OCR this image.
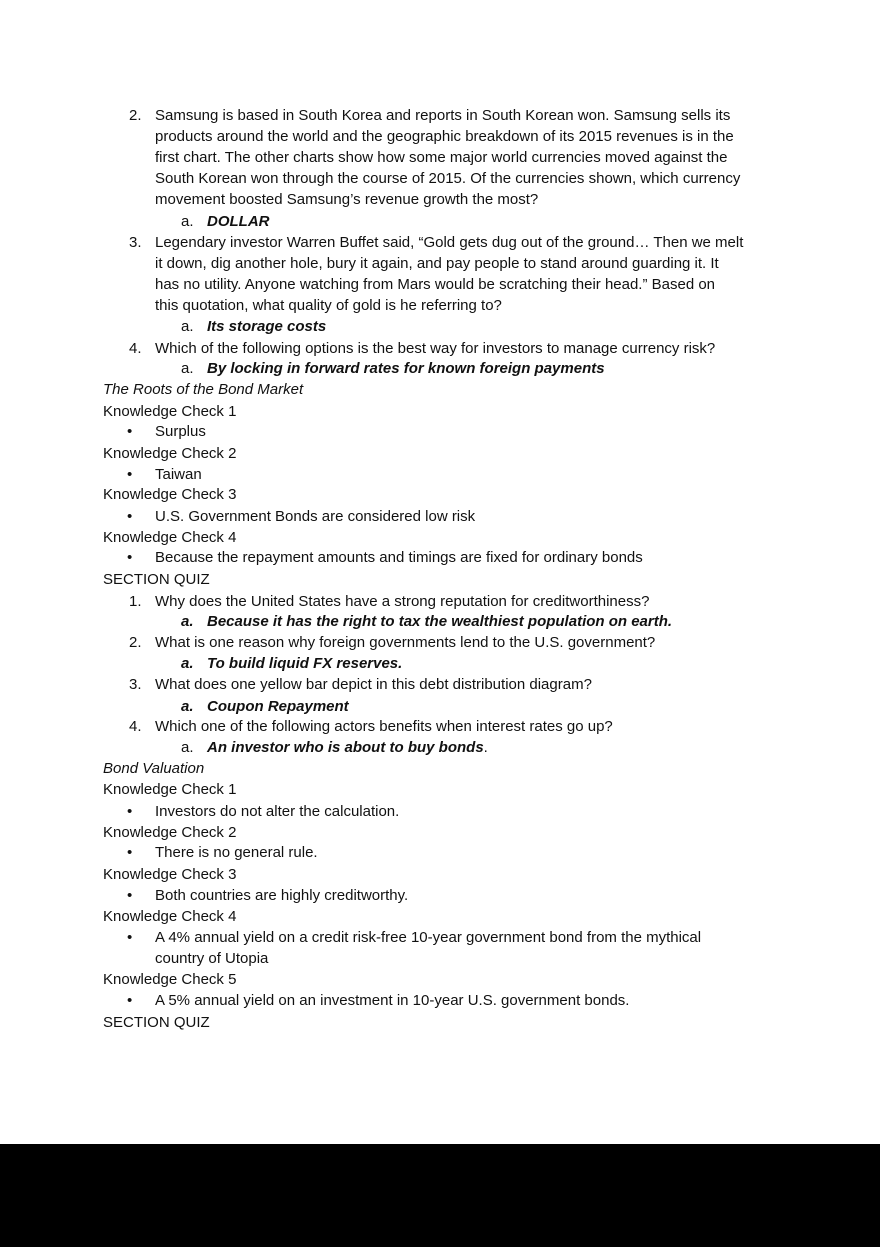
2. Samsung is based in South Korea and reports in South Korean won. Samsung sells its
products around the world and the geographic breakdown of its 2015 revenues is in the
first chart. The other charts show how some major world currencies moved against the
South Korean won through the course of 2015. Of the currencies shown, which currency
movement boosted Samsung’s revenue growth the most?
a. DOLLAR
3. Legendary investor Warren Buffet said, “Gold gets dug out of the ground… Then we melt
it down, dig another hole, bury it again, and pay people to stand around guarding it. It
has no utility. Anyone watching from Mars would be scratching their head.” Based on
this quotation, what quality of gold is he referring to?
a. Its storage costs
4. Which of the following options is the best way for investors to manage currency risk?
a. By locking in forward rates for known foreign payments
The Roots of the Bond Market
Knowledge Check 1
• Surplus
Knowledge Check 2
• Taiwan
Knowledge Check 3
• U.S. Government Bonds are considered low risk
Knowledge Check 4
• Because the repayment amounts and timings are fixed for ordinary bonds
SECTION QUIZ
1. Why does the United States have a strong reputation for creditworthiness?
a. Because it has the right to tax the wealthiest population on earth.
2. What is one reason why foreign governments lend to the U.S. government?
a. To build liquid FX reserves.
3. What does one yellow bar depict in this debt distribution diagram?
a. Coupon Repayment
4. Which one of the following actors benefits when interest rates go up?
a. An investor who is about to buy bonds.
Bond Valuation
Knowledge Check 1
• Investors do not alter the calculation.
Knowledge Check 2
• There is no general rule.
Knowledge Check 3
• Both countries are highly creditworthy.
Knowledge Check 4
• A 4% annual yield on a credit risk-free 10-year government bond from the mythical
country of Utopia
Knowledge Check 5
• A 5% annual yield on an investment in 10-year U.S. government bonds.
SECTION QUIZ
